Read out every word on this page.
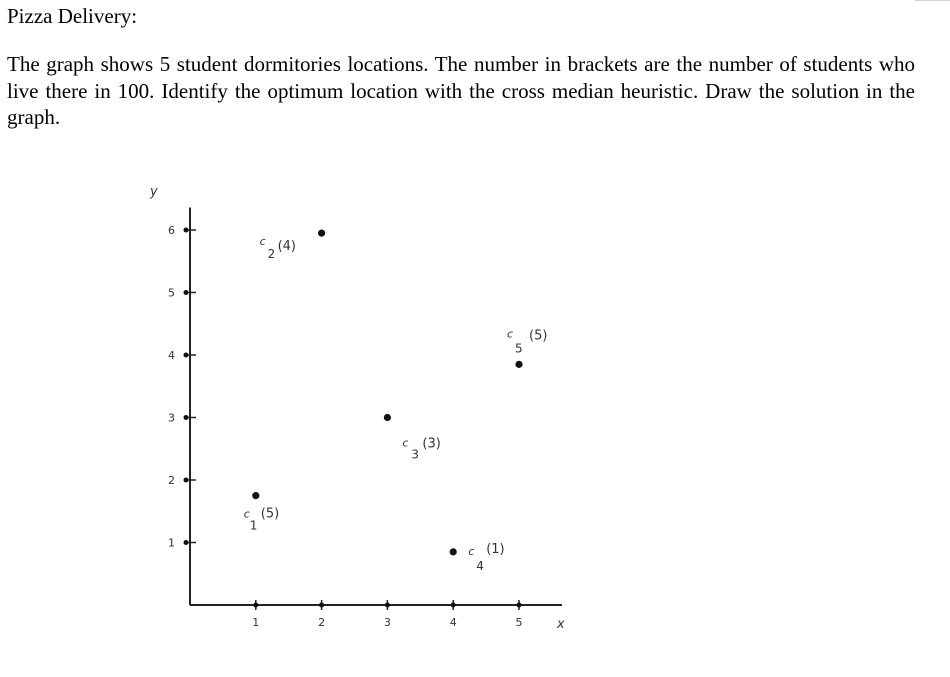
Pizza Delivery:

The graph shows 5 student dormitories locations. The number in brackets are the number of students who live there in 100. Identify the optimum location with the cross median heuristic. Draw the solution in the graph.

y
x
1	2	3	4	5
1
2
3
4
5
6
c
1
(5)
c
2 (4)
c
3
(3)
c
4
(1)
c
5
(5)
